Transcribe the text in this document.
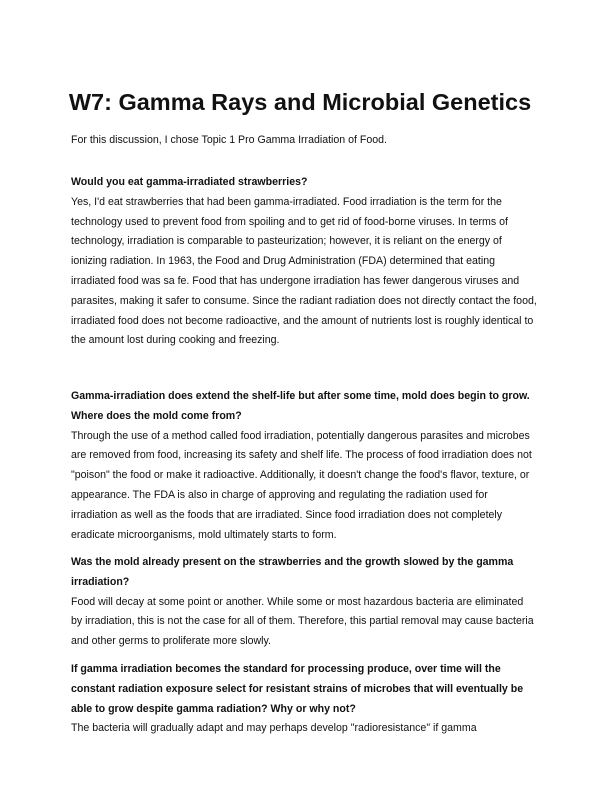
W7: Gamma Rays and Microbial Genetics

For this discussion, I chose Topic 1 Pro Gamma Irradiation of Food.

Would you eat gamma-irradiated strawberries?
Yes, I'd eat strawberries that had been gamma-irradiated. Food irradiation is the term for the technology used to prevent food from spoiling and to get rid of food-borne viruses. In terms of technology, irradiation is comparable to pasteurization; however, it is reliant on the energy of ionizing radiation. In 1963, the Food and Drug Administration (FDA) determined that eating irradiated food was sa fe. Food that has undergone irradiation has fewer dangerous viruses and parasites, making it safer to consume. Since the radiant radiation does not directly contact the food, irradiated food does not become radioactive, and the amount of nutrients lost is roughly identical to the amount lost during cooking and freezing.
Gamma-irradiation does extend the shelf-life but after some time, mold does begin to grow. Where does the mold come from?
Through the use of a method called food irradiation, potentially dangerous parasites and microbes are removed from food, increasing its safety and shelf life. The process of food irradiation does not "poison" the food or make it radioactive. Additionally, it doesn't change the food's flavor, texture, or appearance. The FDA is also in charge of approving and regulating the radiation used for irradiation as well as the foods that are irradiated. Since food irradiation does not completely eradicate microorganisms, mold ultimately starts to form.
Was the mold already present on the strawberries and the growth slowed by the gamma irradiation?
Food will decay at some point or another. While some or most hazardous bacteria are eliminated by irradiation, this is not the case for all of them. Therefore, this partial removal may cause bacteria and other germs to proliferate more slowly.
If gamma irradiation becomes the standard for processing produce, over time will the constant radiation exposure select for resistant strains of microbes that will eventually be able to grow despite gamma radiation? Why or why not?
The bacteria will gradually adapt and may perhaps develop "radioresistance" if gamma
